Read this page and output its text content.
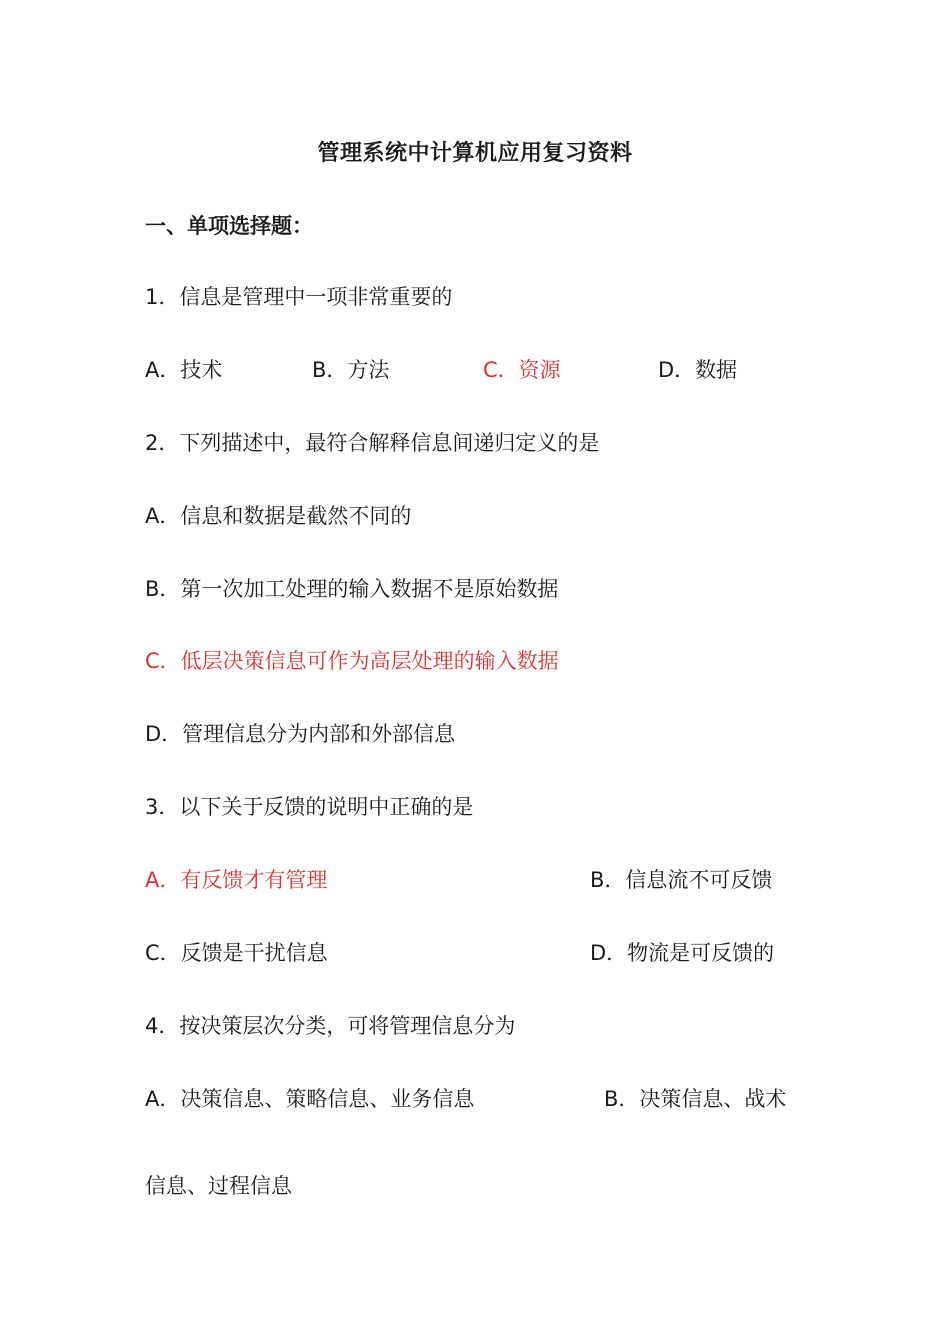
管理系统中计算机应用复习资料
一、单项选择题：
1．信息是管理中一项非常重要的
A．技术	B．方法	C．资源	D．数据
2．下列描述中，最符合解释信息间递归定义的是
A．信息和数据是截然不同的
B．第一次加工处理的输入数据不是原始数据
C．低层决策信息可作为高层处理的输入数据
D．管理信息分为内部和外部信息
3．以下关于反馈的说明中正确的是
A．有反馈才有管理	B．信息流不可反馈
C．反馈是干扰信息	D．物流是可反馈的
4．按决策层次分类，可将管理信息分为
A．决策信息、策略信息、业务信息	B．决策信息、战术
信息、过程信息
